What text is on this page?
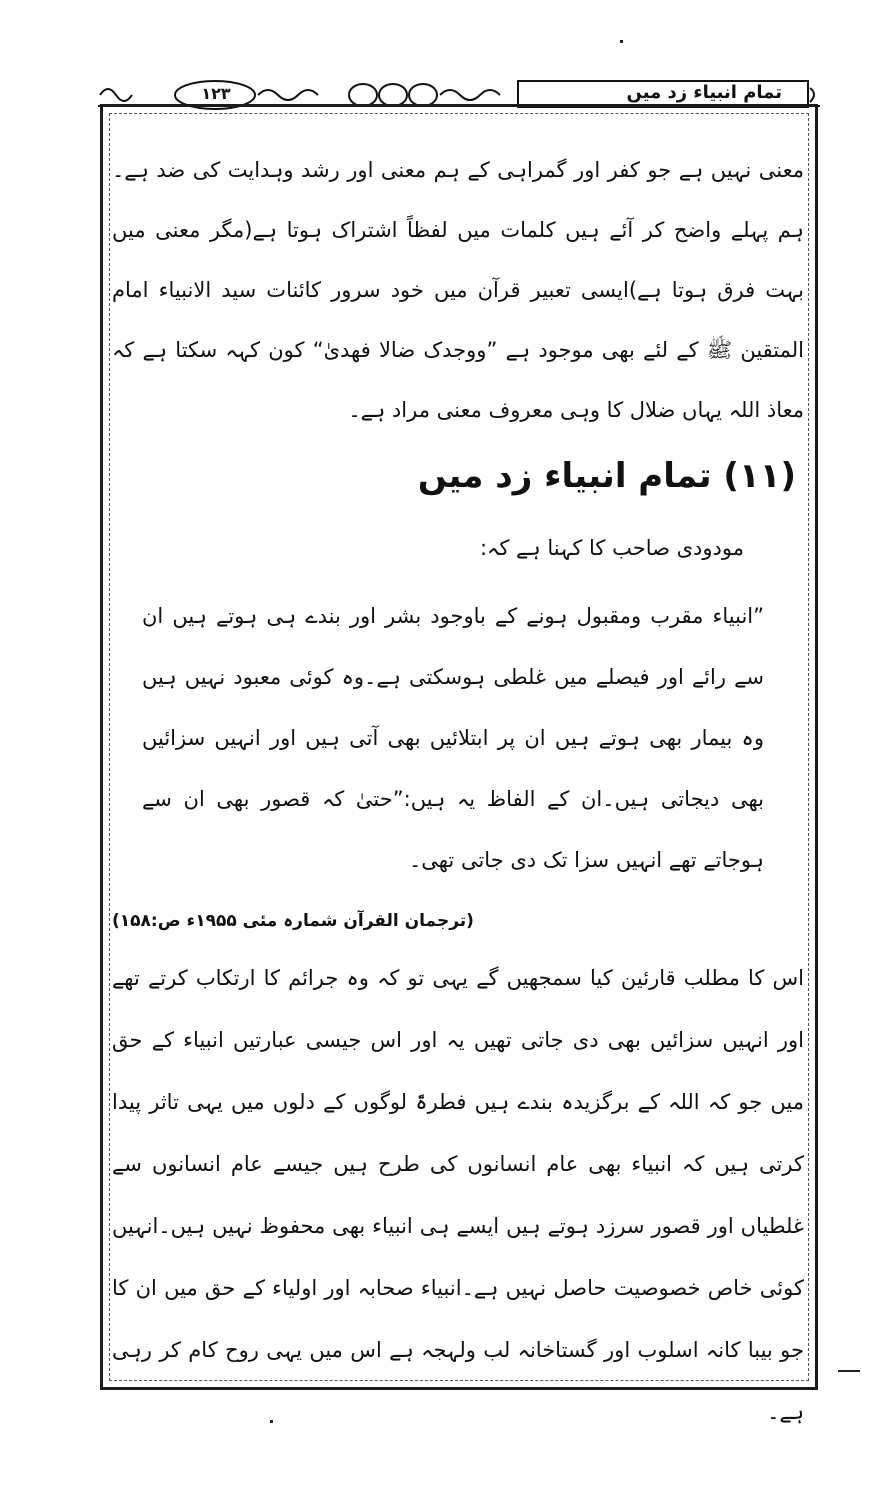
۱۲۳	تمام انبیاء زد میں

معنی نہیں ہے جو کفر اور گمراہی کے ہم معنی اور رشد وہدایت کی ضد ہے۔ہم پہلے واضح کر آئے ہیں کلمات میں لفظاً اشتراک ہوتا ہے(مگر معنی میں بہت فرق ہوتا ہے)ایسی تعبیر قرآن میں خود سرور کائنات سید الانبیاء امام المتقین ﷺ کے لئے بھی موجود ہے ”ووجدک ضالا فھدیٰ“ کون کہہ سکتا ہے کہ معاذ اللہ یہاں ضلال کا وہی معروف معنی مراد ہے۔

(۱۱) تمام انبیاء زد میں

مودودی صاحب کا کہنا ہے کہ:

”انبیاء مقرب ومقبول ہونے کے باوجود بشر اور بندے ہی ہوتے ہیں ان سے رائے اور فیصلے میں غلطی ہوسکتی ہے۔وہ کوئی معبود نہیں ہیں وہ بیمار بھی ہوتے ہیں ان پر ابتلائیں بھی آتی ہیں اور انہیں سزائیں بھی دیجاتی ہیں۔ان کے الفاظ یہ ہیں:”حتیٰ کہ قصور بھی ان سے ہوجاتے تھے انہیں سزا تک دی جاتی تھی۔

(ترجمان القرآن شمارہ مئی ۱۹۵۵ء ص:۱۵۸)

اس کا مطلب قارئین کیا سمجھیں گے یہی تو کہ وہ جرائم کا ارتکاب کرتے تھے اور انہیں سزائیں بھی دی جاتی تھیں یہ اور اس جیسی عبارتیں انبیاء کے حق میں جو کہ اللہ کے برگزیدہ بندے ہیں فطرۃً لوگوں کے دلوں میں یہی تاثر پیدا کرتی ہیں کہ انبیاء بھی عام انسانوں کی طرح ہیں جیسے عام انسانوں سے غلطیاں اور قصور سرزد ہوتے ہیں ایسے ہی انبیاء بھی محفوظ نہیں ہیں۔انہیں کوئی خاص خصوصیت حاصل نہیں ہے۔انبیاء صحابہ اور اولیاء کے حق میں ان کا جو بیبا کانہ اسلوب اور گستاخانہ لب ولہجہ ہے اس میں یہی روح کام کر رہی ہے۔
